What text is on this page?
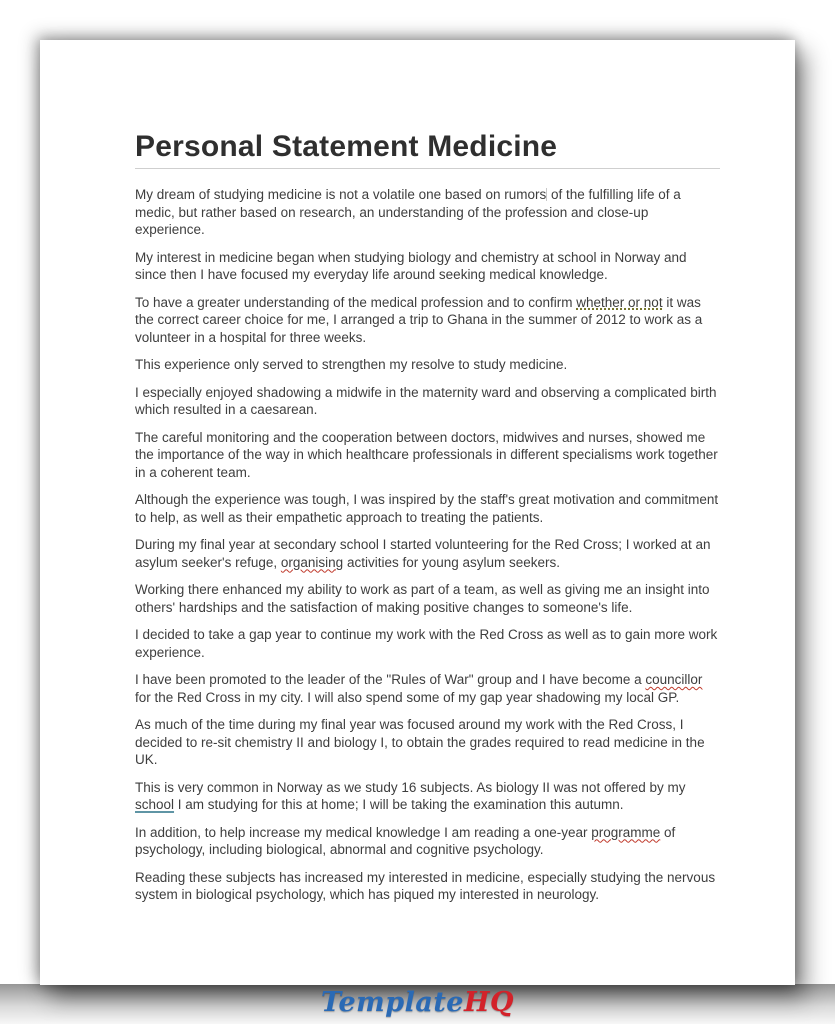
Personal Statement Medicine

My dream of studying medicine is not a volatile one based on rumors of the fulfilling life of a medic, but rather based on research, an understanding of the profession and close-up experience.

My interest in medicine began when studying biology and chemistry at school in Norway and since then I have focused my everyday life around seeking medical knowledge.

To have a greater understanding of the medical profession and to confirm whether or not it was the correct career choice for me, I arranged a trip to Ghana in the summer of 2012 to work as a volunteer in a hospital for three weeks.

This experience only served to strengthen my resolve to study medicine.

I especially enjoyed shadowing a midwife in the maternity ward and observing a complicated birth which resulted in a caesarean.

The careful monitoring and the cooperation between doctors, midwives and nurses, showed me the importance of the way in which healthcare professionals in different specialisms work together in a coherent team.

Although the experience was tough, I was inspired by the staff's great motivation and commitment to help, as well as their empathetic approach to treating the patients.

During my final year at secondary school I started volunteering for the Red Cross; I worked at an asylum seeker's refuge, organising activities for young asylum seekers.

Working there enhanced my ability to work as part of a team, as well as giving me an insight into others' hardships and the satisfaction of making positive changes to someone's life.

I decided to take a gap year to continue my work with the Red Cross as well as to gain more work experience.

I have been promoted to the leader of the "Rules of War" group and I have become a councillor for the Red Cross in my city. I will also spend some of my gap year shadowing my local GP.

As much of the time during my final year was focused around my work with the Red Cross, I decided to re-sit chemistry II and biology I, to obtain the grades required to read medicine in the UK.

This is very common in Norway as we study 16 subjects. As biology II was not offered by my school I am studying for this at home; I will be taking the examination this autumn.

In addition, to help increase my medical knowledge I am reading a one-year programme of psychology, including biological, abnormal and cognitive psychology.

Reading these subjects has increased my interested in medicine, especially studying the nervous system in biological psychology, which has piqued my interested in neurology.

TemplateHQ
